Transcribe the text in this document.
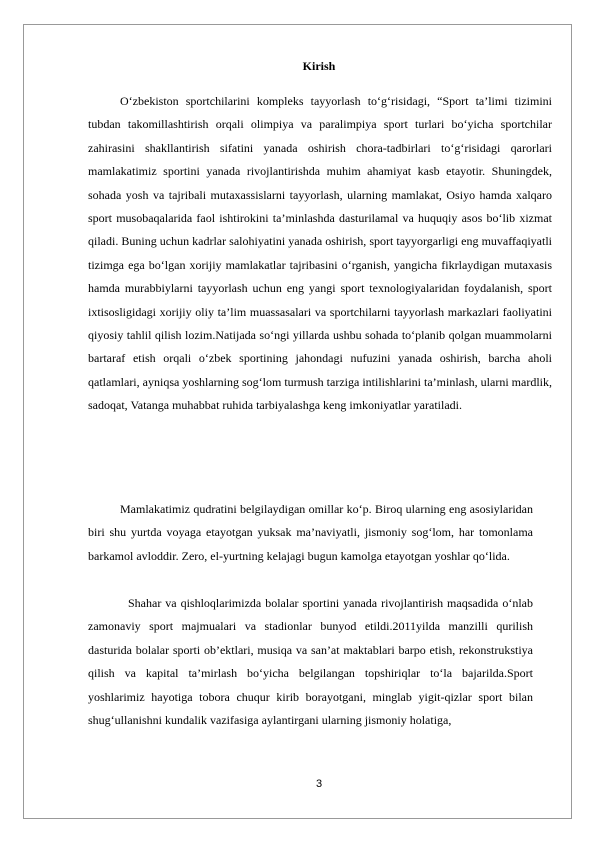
Kirish

O‘zbekiston sportchilarini kompleks tayyorlash to‘g‘risidagi, “Sport ta’limi tizimini tubdan takomillashtirish orqali olimpiya va paralimpiya sport turlari bo‘yicha sportchilar zahirasini shakllantirish sifatini yanada oshirish chora-tadbirlari to‘g‘risidagi qarorlari mamlakatimiz sportini yanada rivojlantirishda muhim ahamiyat kasb etayotir. Shuningdek, sohada yosh va tajribali mutaxassislarni tayyorlash, ularning mamlakat, Osiyo hamda xalqaro sport musobaqalarida faol ishtirokini ta’minlashda dasturilamal va huquqiy asos bo‘lib xizmat qiladi. Buning uchun kadrlar salohiyatini yanada oshirish, sport tayyorgarligi eng muvaffaqiyatli tizimga ega bo‘lgan xorijiy mamlakatlar tajribasini o‘rganish, yangicha fikrlaydigan mutaxasis hamda murabbiylarni tayyorlash uchun eng yangi sport texnologiyalaridan foydalanish, sport ixtisosligidagi xorijiy oliy ta’lim muassasalari va sportchilarni tayyorlash markazlari faoliyatini qiyosiy tahlil qilish lozim.Natijada so‘ngi yillarda ushbu sohada to‘planib qolgan muammolarni bartaraf etish orqali o‘zbek sportining jahondagi nufuzini yanada oshirish, barcha aholi qatlamlari, ayniqsa yoshlarning sog‘lom turmush tarziga intilishlarini ta’minlash, ularni mardlik, sadoqat, Vatanga muhabbat ruhida tarbiyalashga keng imkoniyatlar yaratiladi.

Mamlakatimiz qudratini belgilaydigan omillar ko‘p. Biroq ularning eng asosiylaridan biri shu yurtda voyaga etayotgan yuksak ma’naviyatli, jismoniy sog‘lom, har tomonlama barkamol avloddir. Zero, el-yurtning kelajagi bugun kamolga etayotgan yoshlar qo‘lida.

Shahar va qishloqlarimizda bolalar sportini yanada rivojlantirish maqsadida o‘nlab zamonaviy sport majmualari va stadionlar bunyod etildi.2011yilda manzilli qurilish dasturida bolalar sporti ob’ektlari, musiqa va san’at maktablari barpo etish, rekonstrukstiya qilish va kapital ta’mirlash bo‘yicha belgilangan topshiriqlar to‘la bajarilda.Sport yoshlarimiz hayotiga tobora chuqur kirib borayotgani, minglab yigit-qizlar sport bilan shug‘ullanishni kundalik vazifasiga aylantirgani ularning jismoniy holatiga,

3
